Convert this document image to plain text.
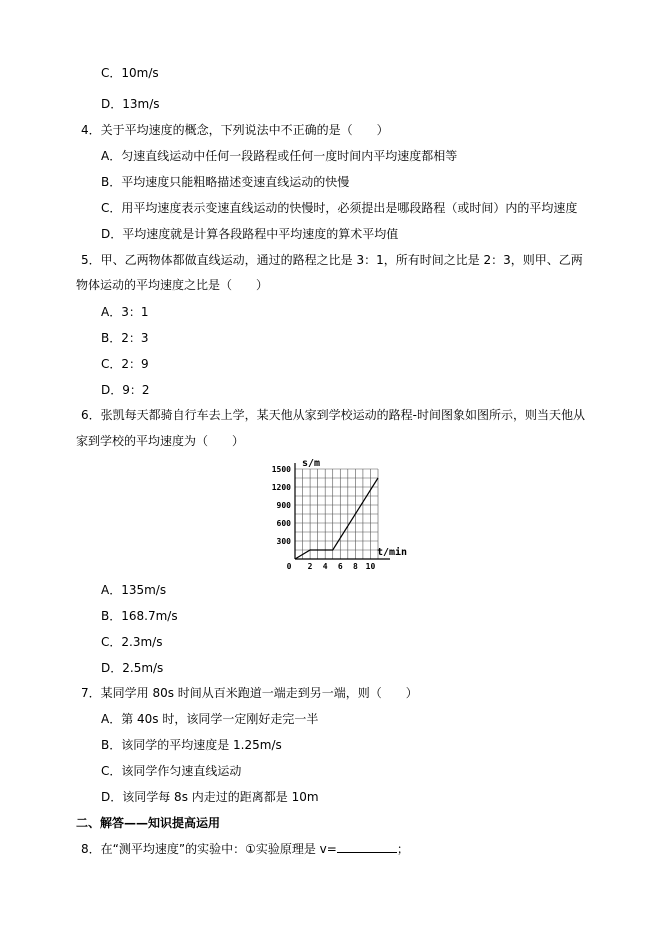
C．10m/s
D．13m/s
4．关于平均速度的概念，下列说法中不正确的是（　　）
A．匀速直线运动中任何一段路程或任何一度时间内平均速度都相等
B．平均速度只能粗略描述变速直线运动的快慢
C．用平均速度表示变速直线运动的快慢时，必须提出是哪段路程（或时间）内的平均速度
D．平均速度就是计算各段路程中平均速度的算术平均值
5．甲、乙两物体都做直线运动，通过的路程之比是 3：1，所有时间之比是 2：3，则甲、乙两
物体运动的平均速度之比是（　　）
A．3：1
B．2：3
C．2：9
D．9：2
6．张凯每天都骑自行车去上学，某天他从家到学校运动的路程-时间图象如图所示，则当天他从
家到学校的平均速度为（　　）
0 2 4 6 8 10
300
600
900
1200
1500
t/min
s/m
A．135m/s
B．168.7m/s
C．2.3m/s
D．2.5m/s
7．某同学用 80s 时间从百米跑道一端走到另一端，则（　　）
A．第 40s 时，该同学一定刚好走完一半
B．该同学的平均速度是 1.25m/s
C．该同学作匀速直线运动
D．该同学每 8s 内走过的距离都是 10m
二、解答——知识提高运用
8．在“测平均速度”的实验中：①实验原理是 v=	；
